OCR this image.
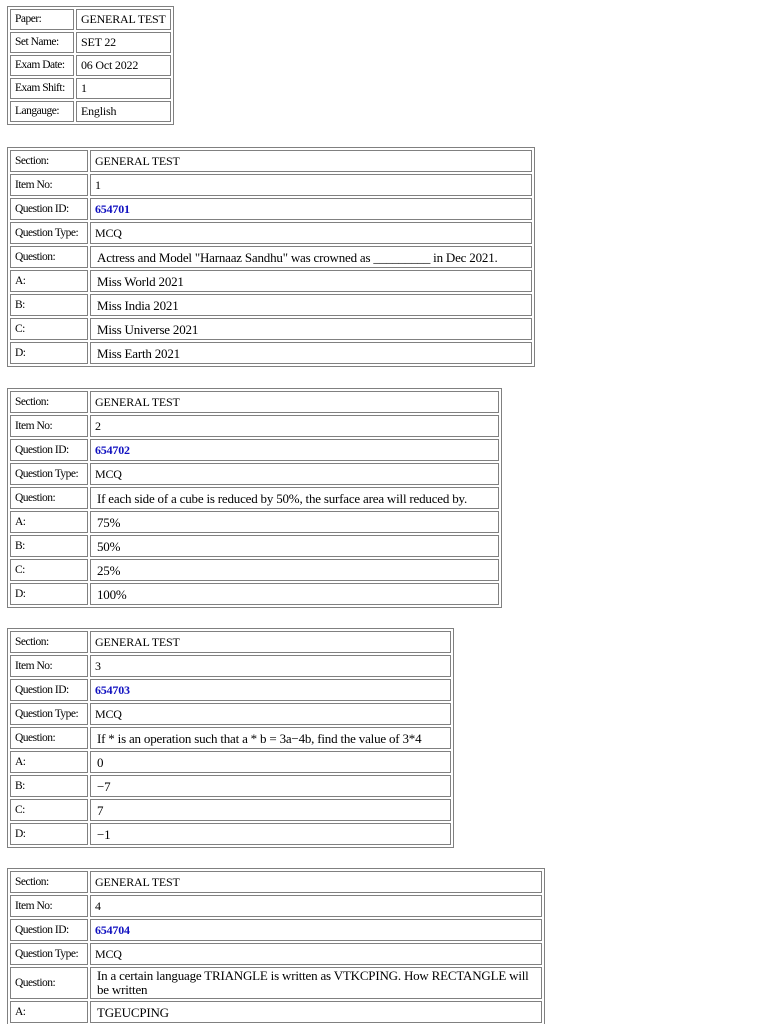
Paper:	GENERAL TEST
Set Name:	SET 22
Exam Date:	06 Oct 2022
Exam Shift:	1
Langauge:	English
Section:	GENERAL TEST
Item No:	1
Question ID:	654701
Question Type:	MCQ
Question:	Actress and Model "Harnaaz Sandhu" was crowned as _________ in Dec 2021.
A:	Miss World 2021
B:	Miss India 2021
C:	Miss Universe 2021
D:	Miss Earth 2021
Section:	GENERAL TEST
Item No:	2
Question ID:	654702
Question Type:	MCQ
Question:	If each side of a cube is reduced by 50%, the surface area will reduced by.
A:	75%
B:	50%
C:	25%
D:	100%
Section:	GENERAL TEST
Item No:	3
Question ID:	654703
Question Type:	MCQ
Question:	If * is an operation such that a * b = 3a−4b, find the value of 3*4
A:	0
B:	−7
C:	7
D:	−1
Section:	GENERAL TEST
Item No:	4
Question ID:	654704
Question Type:	MCQ
Question:	In a certain language TRIANGLE is written as VTKCPING. How RECTANGLE will be written
A:	TGEUCPING
